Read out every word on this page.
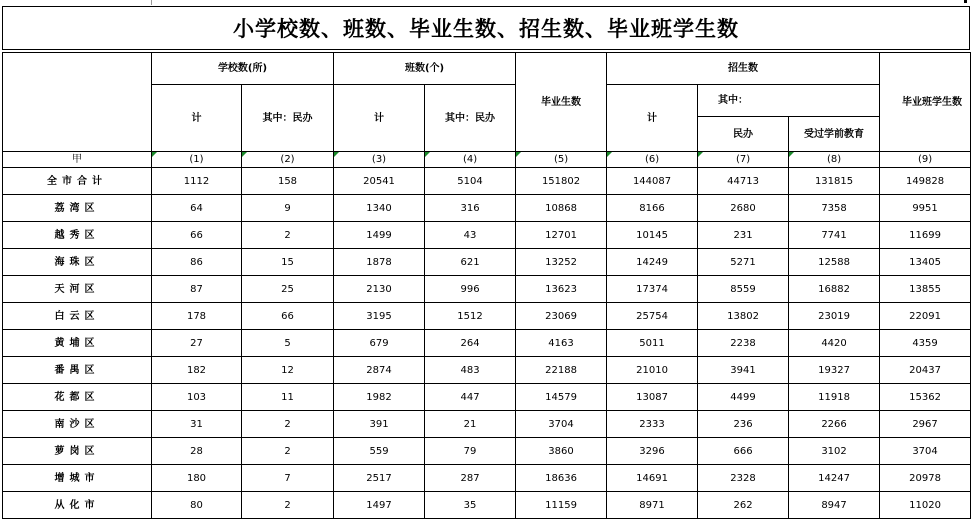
小学校数、班数、毕业生数、招生数、毕业班学生数
	学校数(所)		班数(个)		毕业生数	招生数			毕业班学生数
	计	其中：民办	计	其中：民办		计	其中：		
							民办	受过学前教育	
甲	(1)	(2)	(3)	(4)	(5)	(6)	(7)	(8)	(9)
全市合计	1112	158	20541	5104	151802	144087	44713	131815	149828
荔湾区	64	9	1340	316	10868	8166	2680	7358	9951
越秀区	66	2	1499	43	12701	10145	231	7741	11699
海珠区	86	15	1878	621	13252	14249	5271	12588	13405
天河区	87	25	2130	996	13623	17374	8559	16882	13855
白云区	178	66	3195	1512	23069	25754	13802	23019	22091
黄埔区	27	5	679	264	4163	5011	2238	4420	4359
番禺区	182	12	2874	483	22188	21010	3941	19327	20437
花都区	103	11	1982	447	14579	13087	4499	11918	15362
南沙区	31	2	391	21	3704	2333	236	2266	2967
萝岗区	28	2	559	79	3860	3296	666	3102	3704
增城市	180	7	2517	287	18636	14691	2328	14247	20978
从化市	80	2	1497	35	11159	8971	262	8947	11020
